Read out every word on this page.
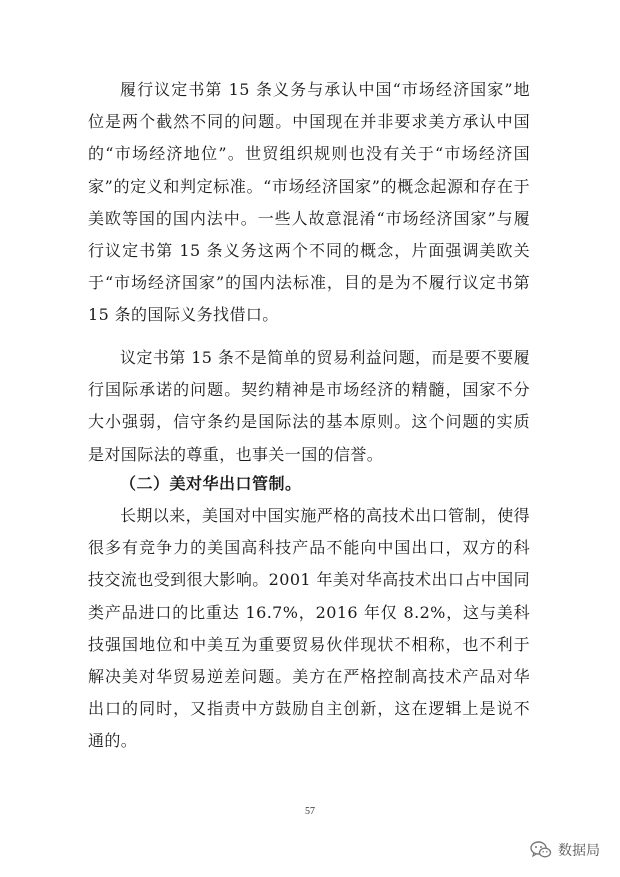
履行议定书第 15 条义务与承认中国“市场经济国家”地位是两个截然不同的问题。中国现在并非要求美方承认中国的“市场经济地位”。世贸组织规则也没有关于“市场经济国家”的定义和判定标准。“市场经济国家”的概念起源和存在于美欧等国的国内法中。一些人故意混淆“市场经济国家”与履行议定书第 15 条义务这两个不同的概念，片面强调美欧关于“市场经济国家”的国内法标准，目的是为不履行议定书第 15 条的国际义务找借口。

议定书第 15 条不是简单的贸易利益问题，而是要不要履行国际承诺的问题。契约精神是市场经济的精髓，国家不分大小强弱，信守条约是国际法的基本原则。这个问题的实质是对国际法的尊重，也事关一国的信誉。

（二）美对华出口管制。

长期以来，美国对中国实施严格的高技术出口管制，使得很多有竞争力的美国高科技产品不能向中国出口，双方的科技交流也受到很大影响。2001 年美对华高技术出口占中国同类产品进口的比重达 16.7%，2016 年仅 8.2%，这与美科技强国地位和中美互为重要贸易伙伴现状不相称，也不利于解决美对华贸易逆差问题。美方在严格控制高技术产品对华出口的同时，又指责中方鼓励自主创新，这在逻辑上是说不通的。

57
数据局
